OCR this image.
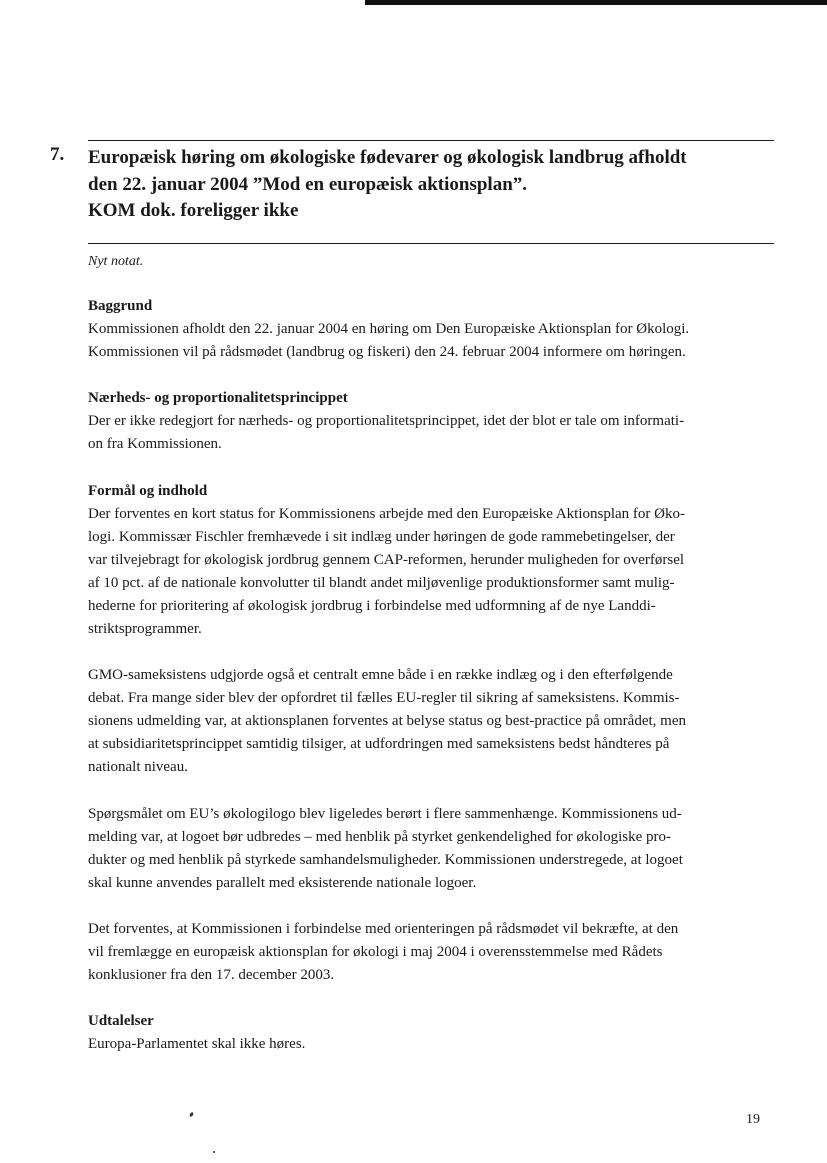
7. Europæisk høring om økologiske fødevarer og økologisk landbrug afholdt
den 22. januar 2004 ”Mod en europæisk aktionsplan”.
KOM dok. foreligger ikke
Nyt notat.
Baggrund
Kommissionen afholdt den 22. januar 2004 en høring om Den Europæiske Aktionsplan for Økologi.
Kommissionen vil på rådsmødet (landbrug og fiskeri) den 24. februar 2004 informere om høringen.
Nærheds- og proportionalitetsprincippet
Der er ikke redegjort for nærheds- og proportionalitetsprincippet, idet der blot er tale om informati-
on fra Kommissionen.
Formål og indhold
Der forventes en kort status for Kommissionens arbejde med den Europæiske Aktionsplan for Øko-
logi. Kommissær Fischler fremhævede i sit indlæg under høringen de gode rammebetingelser, der
var tilvejebragt for økologisk jordbrug gennem CAP-reformen, herunder muligheden for overførsel
af 10 pct. af de nationale konvolutter til blandt andet miljøvenlige produktionsformer samt mulig-
hederne for prioritering af økologisk jordbrug i forbindelse med udformning af de nye Landdi-
striktsprogrammer.
GMO-sameksistens udgjorde også et centralt emne både i en række indlæg og i den efterfølgende
debat. Fra mange sider blev der opfordret til fælles EU-regler til sikring af sameksistens. Kommis-
sionens udmelding var, at aktionsplanen forventes at belyse status og best-practice på området, men
at subsidiaritetsprincippet samtidig tilsiger, at udfordringen med sameksistens bedst håndteres på
nationalt niveau.
Spørgsmålet om EU’s økologilogo blev ligeledes berørt i flere sammenhænge. Kommissionens ud-
melding var, at logoet bør udbredes – med henblik på styrket genkendelighed for økologiske pro-
dukter og med henblik på styrkede samhandelsmuligheder. Kommissionen understregede, at logoet
skal kunne anvendes parallelt med eksisterende nationale logoer.
Det forventes, at Kommissionen i forbindelse med orienteringen på rådsmødet vil bekræfte, at den
vil fremlægge en europæisk aktionsplan for økologi i maj 2004 i overensstemmelse med Rådets
konklusioner fra den 17. december 2003.
Udtalelser
Europa-Parlamentet skal ikke høres.
19
